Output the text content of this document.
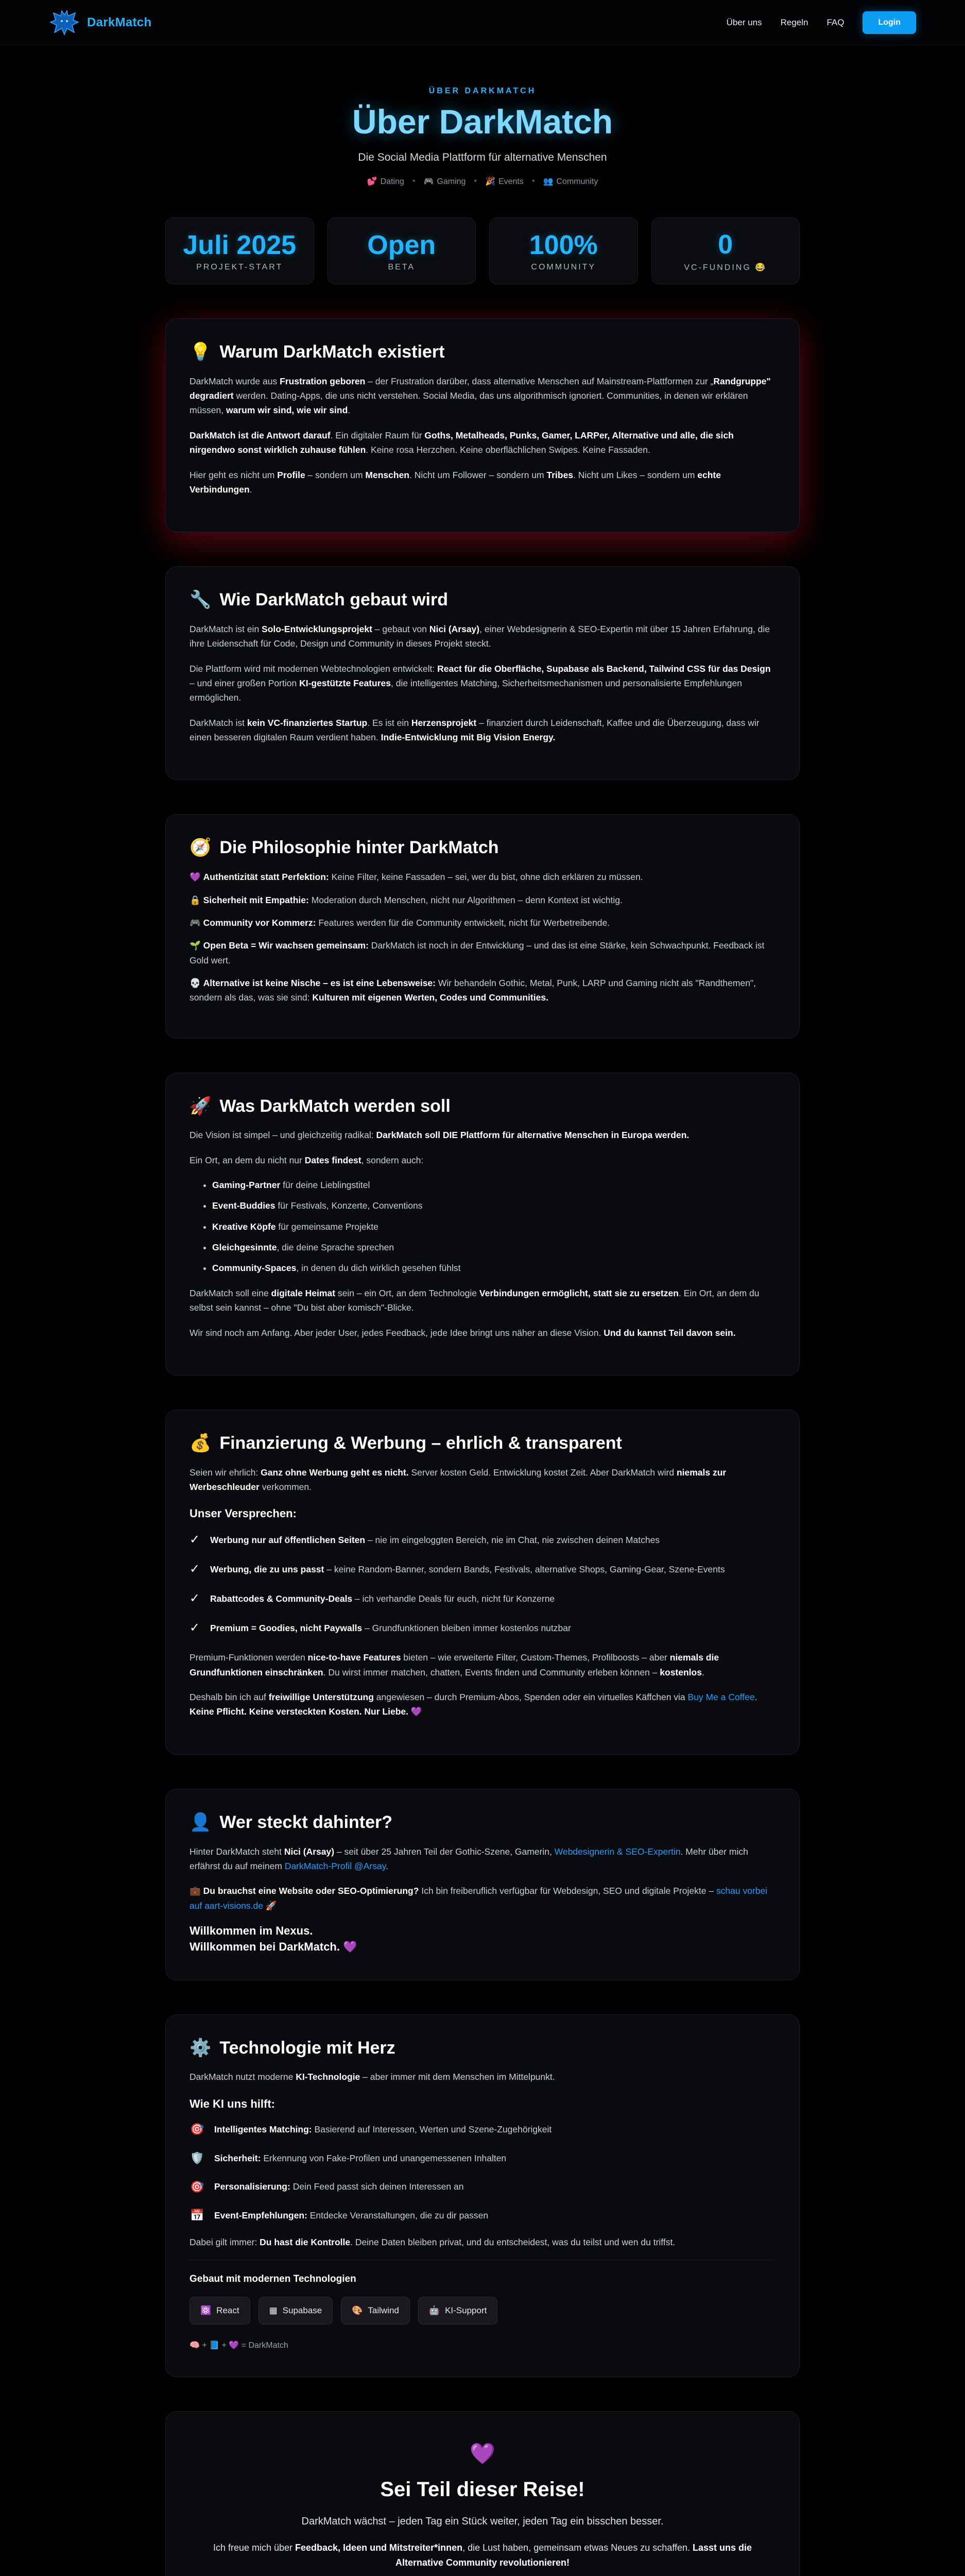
DarkMatch	Über uns Regeln FAQ	Login
ÜBER DARKMATCH
Über DarkMatch
Die Social Media Plattform für alternative Menschen
💕 Dating • 🎮 Gaming • 🎉 Events • 👥 Community
Juli 2025
PROJEKT-START
Open
BETA
100%
COMMUNITY
0
VC-FUNDING 😂
💡 Warum DarkMatch existiert

DarkMatch wurde aus Frustration geboren – der Frustration darüber, dass alternative Menschen auf Mainstream-Plattformen zur „Randgruppe" degradiert werden. Dating-Apps, die uns nicht verstehen. Social Media, das uns algorithmisch ignoriert. Communities, in denen wir erklären müssen, warum wir sind, wie wir sind.

DarkMatch ist die Antwort darauf. Ein digitaler Raum für Goths, Metalheads, Punks, Gamer, LARPer, Alternative und alle, die sich nirgendwo sonst wirklich zuhause fühlen. Keine rosa Herzchen. Keine oberflächlichen Swipes. Keine Fassaden.

Hier geht es nicht um Profile – sondern um Menschen. Nicht um Follower – sondern um Tribes. Nicht um Likes – sondern um echte Verbindungen.

🔧 Wie DarkMatch gebaut wird

DarkMatch ist ein Solo-Entwicklungsprojekt – gebaut von Nici (Arsay), einer Webdesignerin & SEO-Expertin mit über 15 Jahren Erfahrung, die ihre Leidenschaft für Code, Design und Community in dieses Projekt steckt.

Die Plattform wird mit modernen Webtechnologien entwickelt: React für die Oberfläche, Supabase als Backend, Tailwind CSS für das Design – und einer großen Portion KI-gestützte Features, die intelligentes Matching, Sicherheitsmechanismen und personalisierte Empfehlungen ermöglichen.

DarkMatch ist kein VC-finanziertes Startup. Es ist ein Herzensprojekt – finanziert durch Leidenschaft, Kaffee und die Überzeugung, dass wir einen besseren digitalen Raum verdient haben. Indie-Entwicklung mit Big Vision Energy.

🧭 Die Philosophie hinter DarkMatch
💜 Authentizität statt Perfektion: Keine Filter, keine Fassaden – sei, wer du bist, ohne dich erklären zu müssen.
🔒 Sicherheit mit Empathie: Moderation durch Menschen, nicht nur Algorithmen – denn Kontext ist wichtig.
🎮 Community vor Kommerz: Features werden für die Community entwickelt, nicht für Werbetreibende.
🌱 Open Beta = Wir wachsen gemeinsam: DarkMatch ist noch in der Entwicklung – und das ist eine Stärke, kein Schwachpunkt. Feedback ist Gold wert.
💀 Alternative ist keine Nische – es ist eine Lebensweise: Wir behandeln Gothic, Metal, Punk, LARP und Gaming nicht als "Randthemen", sondern als das, was sie sind: Kulturen mit eigenen Werten, Codes und Communities.
🚀 Was DarkMatch werden soll

Die Vision ist simpel – und gleichzeitig radikal: DarkMatch soll DIE Plattform für alternative Menschen in Europa werden.

Ein Ort, an dem du nicht nur Dates findest, sondern auch:

• Gaming-Partner für deine Lieblingstitel
• Event-Buddies für Festivals, Konzerte, Conventions
• Kreative Köpfe für gemeinsame Projekte
• Gleichgesinnte, die deine Sprache sprechen
• Community-Spaces, in denen du dich wirklich gesehen fühlst

DarkMatch soll eine digitale Heimat sein – ein Ort, an dem Technologie Verbindungen ermöglicht, statt sie zu ersetzen. Ein Ort, an dem du selbst sein kannst – ohne "Du bist aber komisch"-Blicke.

Wir sind noch am Anfang. Aber jeder User, jedes Feedback, jede Idee bringt uns näher an diese Vision. Und du kannst Teil davon sein.

💰 Finanzierung & Werbung – ehrlich & transparent

Seien wir ehrlich: Ganz ohne Werbung geht es nicht. Server kosten Geld. Entwicklung kostet Zeit. Aber DarkMatch wird niemals zur Werbeschleuder verkommen.

Unser Versprechen:
✓ Werbung nur auf öffentlichen Seiten – nie im eingeloggten Bereich, nie im Chat, nie zwischen deinen Matches
✓ Werbung, die zu uns passt – keine Random-Banner, sondern Bands, Festivals, alternative Shops, Gaming-Gear, Szene-Events
✓ Rabattcodes & Community-Deals – ich verhandle Deals für euch, nicht für Konzerne
✓ Premium = Goodies, nicht Paywalls – Grundfunktionen bleiben immer kostenlos nutzbar

Premium-Funktionen werden nice-to-have Features bieten – wie erweiterte Filter, Custom-Themes, Profilboosts – aber niemals die Grundfunktionen einschränken. Du wirst immer matchen, chatten, Events finden und Community erleben können – kostenlos.

Deshalb bin ich auf freiwillige Unterstützung angewiesen – durch Premium-Abos, Spenden oder ein virtuelles Käffchen via Buy Me a Coffee. Keine Pflicht. Keine versteckten Kosten. Nur Liebe. 💜

👤 Wer steckt dahinter?

Hinter DarkMatch steht Nici (Arsay) – seit über 25 Jahren Teil der Gothic-Szene, Gamerin, Webdesignerin & SEO-Expertin. Mehr über mich erfährst du auf meinem DarkMatch-Profil @Arsay.

💼 Du brauchst eine Website oder SEO-Optimierung? Ich bin freiberuflich verfügbar für Webdesign, SEO und digitale Projekte – schau vorbei auf aart-visions.de 🚀

Willkommen im Nexus.
Willkommen bei DarkMatch. 💜
⚙️ Technologie mit Herz

DarkMatch nutzt moderne KI-Technologie – aber immer mit dem Menschen im Mittelpunkt.

Wie KI uns hilft:
🎯 Intelligentes Matching: Basierend auf Interessen, Werten und Szene-Zugehörigkeit
🛡️ Sicherheit: Erkennung von Fake-Profilen und unangemessenen Inhalten
🎯 Personalisierung: Dein Feed passt sich deinen Interessen an
📅 Event-Empfehlungen: Entdecke Veranstaltungen, die zu dir passen

Dabei gilt immer: Du hast die Kontrolle. Deine Daten bleiben privat, und du entscheidest, was du teilst und wen du triffst.

Gebaut mit modernen Technologien
⚛️ React	▦ Supabase	🎨 Tailwind	🤖 KI-Support
🧠 + 📘 + 💜 = DarkMatch
💜
Sei Teil dieser Reise!

DarkMatch wächst – jeden Tag ein Stück weiter, jeden Tag ein bisschen besser.

Ich freue mich über Feedback, Ideen und Mitstreiter*innen, die Lust haben, gemeinsam etwas Neues zu schaffen. Lasst uns die Alternative Community revolutionieren!
